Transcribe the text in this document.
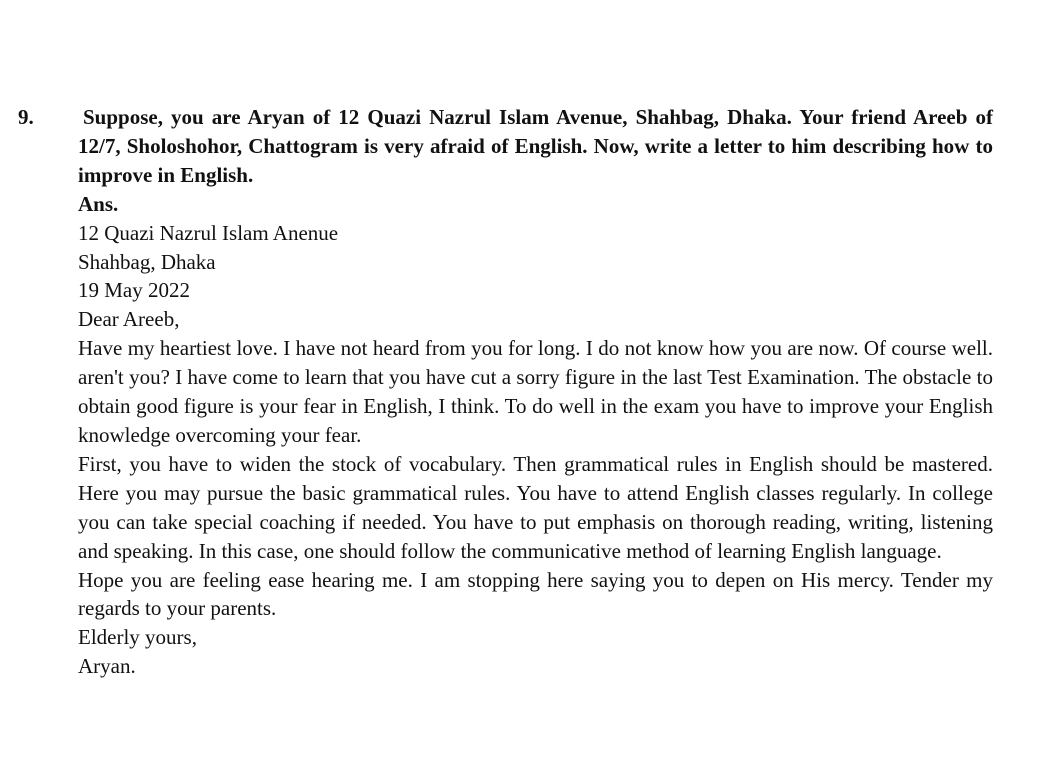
9. Suppose, you are Aryan of 12 Quazi Nazrul Islam Avenue, Shahbag, Dhaka. Your friend Areeb of 12/7, Sholoshohor, Chattogram is very afraid of English. Now, write a letter to him describing how to improve in English.

Ans.

12 Quazi Nazrul Islam Anenue

Shahbag, Dhaka

19 May 2022

Dear Areeb,

Have my heartiest love. I have not heard from you for long. I do not know how you are now. Of course well. aren't you? I have come to learn that you have cut a sorry figure in the last Test Examination. The obstacle to obtain good figure is your fear in English, I think. To do well in the exam you have to improve your English knowledge overcoming your fear.

First, you have to widen the stock of vocabulary. Then grammatical rules in English should be mastered. Here you may pursue the basic grammatical rules. You have to attend English classes regularly. In college you can take special coaching if needed. You have to put emphasis on thorough reading, writing, listening and speaking. In this case, one should follow the communicative method of learning English language.

Hope you are feeling ease hearing me. I am stopping here saying you to depen on His mercy. Tender my regards to your parents.

Elderly yours,

Aryan.
